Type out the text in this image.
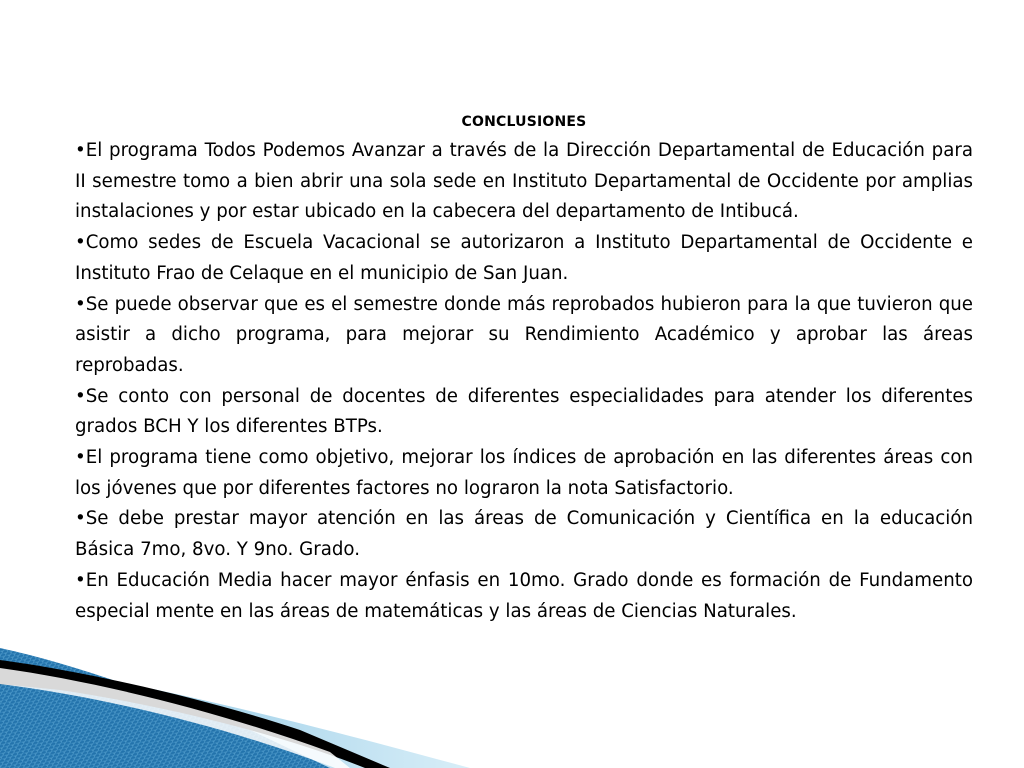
CONCLUSIONES

•El programa Todos Podemos Avanzar a través de la Dirección Departamental de Educación para II semestre tomo a bien abrir una sola sede en Instituto Departamental de Occidente por amplias instalaciones y por estar ubicado en la cabecera del departamento de Intibucá.

•Como sedes de Escuela Vacacional se autorizaron a Instituto Departamental de Occidente e Instituto Frao de Celaque en el municipio de San Juan.

•Se puede observar que es el semestre donde más reprobados hubieron para la que tuvieron que asistir a dicho programa, para mejorar su Rendimiento Académico y aprobar las áreas reprobadas.

•Se conto con personal de docentes de diferentes especialidades para atender los diferentes grados BCH Y los diferentes BTPs.

•El programa tiene como objetivo, mejorar los índices de aprobación en las diferentes áreas con los jóvenes que por diferentes factores no lograron la nota Satisfactorio.

•Se debe prestar mayor atención en las áreas de Comunicación y Científica en la educación Básica 7mo, 8vo. Y 9no. Grado.

•En Educación Media hacer mayor énfasis en 10mo. Grado donde es formación de Fundamento especial mente en las áreas de matemáticas y las áreas de Ciencias Naturales.
